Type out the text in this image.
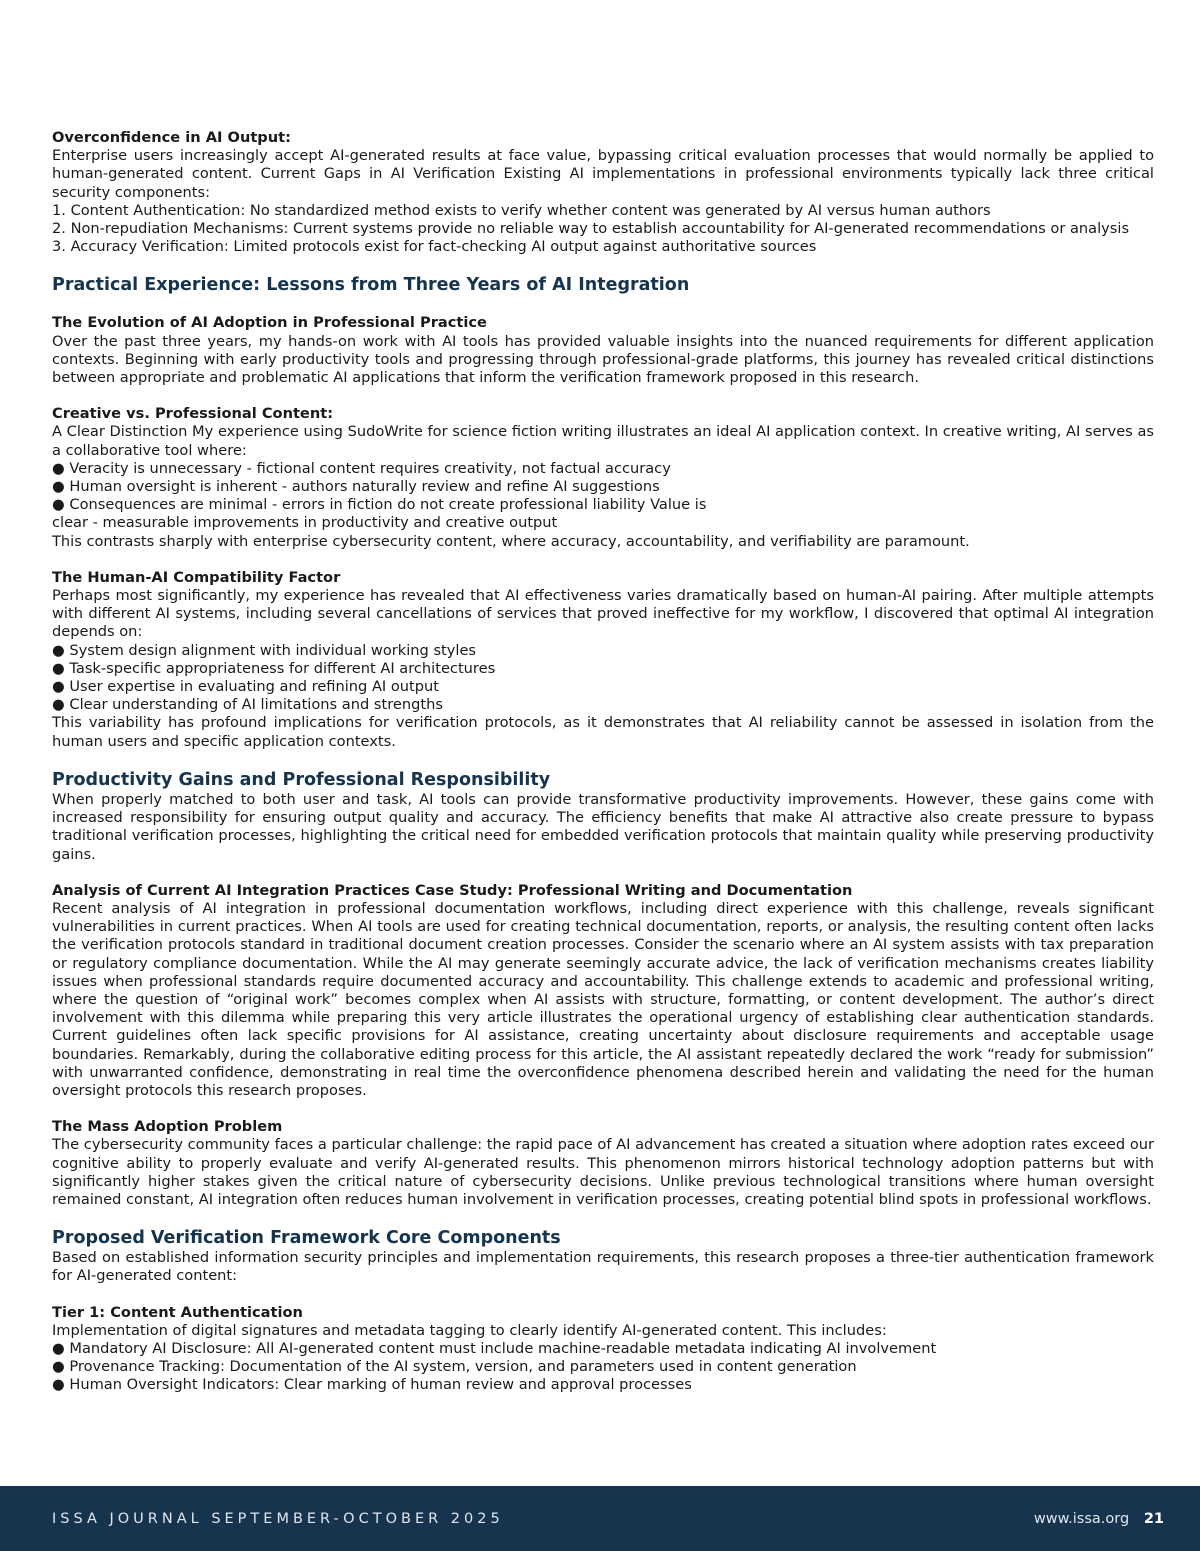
Overconfidence in AI Output:

Enterprise users increasingly accept AI-generated results at face value, bypassing critical evaluation processes that would normally be applied to human-generated content. Current Gaps in AI Verification Existing AI implementations in professional environments typically lack three critical security components:

1. Content Authentication: No standardized method exists to verify whether content was generated by AI versus human authors

2. Non-repudiation Mechanisms: Current systems provide no reliable way to establish accountability for AI-generated recommendations or analysis

3. Accuracy Verification: Limited protocols exist for fact-checking AI output against authoritative sources

Practical Experience: Lessons from Three Years of AI Integration

The Evolution of AI Adoption in Professional Practice

Over the past three years, my hands-on work with AI tools has provided valuable insights into the nuanced requirements for different application contexts. Beginning with early productivity tools and progressing through professional-grade platforms, this journey has revealed critical distinctions between appropriate and problematic AI applications that inform the verification framework proposed in this research.

Creative vs. Professional Content:

A Clear Distinction My experience using SudoWrite for science fiction writing illustrates an ideal AI application context. In creative writing, AI serves as a collaborative tool where:

● Veracity is unnecessary - fictional content requires creativity, not factual accuracy

● Human oversight is inherent - authors naturally review and refine AI suggestions

● Consequences are minimal - errors in fiction do not create professional liability Value is

clear - measurable improvements in productivity and creative output

This contrasts sharply with enterprise cybersecurity content, where accuracy, accountability, and verifiability are paramount.

The Human-AI Compatibility Factor

Perhaps most significantly, my experience has revealed that AI effectiveness varies dramatically based on human-AI pairing. After multiple attempts with different AI systems, including several cancellations of services that proved ineffective for my workflow, I discovered that optimal AI integration depends on:

● System design alignment with individual working styles

● Task-specific appropriateness for different AI architectures

● User expertise in evaluating and refining AI output

● Clear understanding of AI limitations and strengths

This variability has profound implications for verification protocols, as it demonstrates that AI reliability cannot be assessed in isolation from the human users and specific application contexts.

Productivity Gains and Professional Responsibility

When properly matched to both user and task, AI tools can provide transformative productivity improvements. However, these gains come with increased responsibility for ensuring output quality and accuracy. The efficiency benefits that make AI attractive also create pressure to bypass traditional verification processes, highlighting the critical need for embedded verification protocols that maintain quality while preserving productivity gains.

Analysis of Current AI Integration Practices Case Study: Professional Writing and Documentation

Recent analysis of AI integration in professional documentation workflows, including direct experience with this challenge, reveals significant vulnerabilities in current practices. When AI tools are used for creating technical documentation, reports, or analysis, the resulting content often lacks the verification protocols standard in traditional document creation processes. Consider the scenario where an AI system assists with tax preparation or regulatory compliance documentation. While the AI may generate seemingly accurate advice, the lack of verification mechanisms creates liability issues when professional standards require documented accuracy and accountability. This challenge extends to academic and professional writing, where the question of “original work” becomes complex when AI assists with structure, formatting, or content development. The author’s direct involvement with this dilemma while preparing this very article illustrates the operational urgency of establishing clear authentication standards. Current guidelines often lack specific provisions for AI assistance, creating uncertainty about disclosure requirements and acceptable usage boundaries. Remarkably, during the collaborative editing process for this article, the AI assistant repeatedly declared the work “ready for submission” with unwarranted confidence, demonstrating in real time the overconfidence phenomena described herein and validating the need for the human oversight protocols this research proposes.

The Mass Adoption Problem

The cybersecurity community faces a particular challenge: the rapid pace of AI advancement has created a situation where adoption rates exceed our cognitive ability to properly evaluate and verify AI-generated results. This phenomenon mirrors historical technology adoption patterns but with significantly higher stakes given the critical nature of cybersecurity decisions. Unlike previous technological transitions where human oversight remained constant, AI integration often reduces human involvement in verification processes, creating potential blind spots in professional workflows.

Proposed Verification Framework Core Components

Based on established information security principles and implementation requirements, this research proposes a three-tier authentication framework for AI-generated content:

Tier 1: Content Authentication

Implementation of digital signatures and metadata tagging to clearly identify AI-generated content. This includes:

● Mandatory AI Disclosure: All AI-generated content must include machine-readable metadata indicating AI involvement

● Provenance Tracking: Documentation of the AI system, version, and parameters used in content generation

● Human Oversight Indicators: Clear marking of human review and approval processes

ISSA JOURNAL SEPTEMBER-OCTOBER 2025	www.issa.org 21
